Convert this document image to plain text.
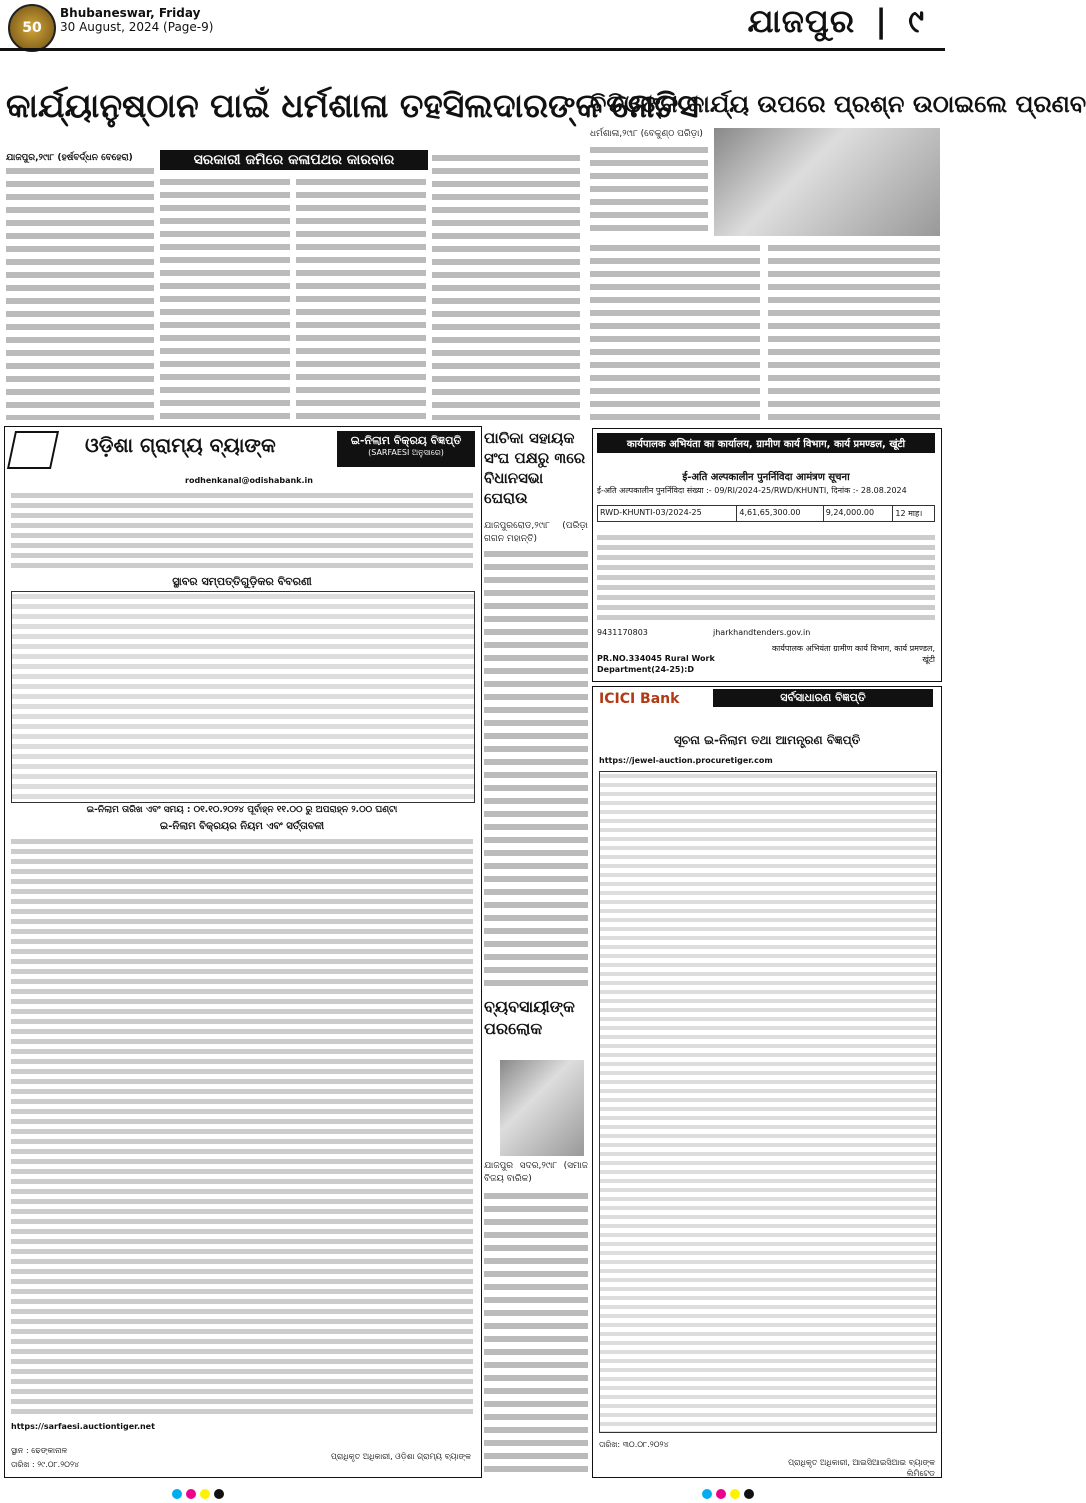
50
Bhubaneswar, Friday
30 August, 2024 (Page-9)	ଯାଜପୁର | ୯
କାର୍ଯ୍ୟାନୁଷ୍ଠାନ ପାଇଁ ଧର୍ମଶାଳା ତହସିଲଦାରଙ୍କ ନୋଟିସ
ବିଡିଓଙ୍କ କାର୍ଯ୍ୟ ଉପରେ ପ୍ରଶ୍ନ ଉଠାଇଲେ ପ୍ରଣବ
ସରକାରୀ ଜମିରେ କଳାପଥର କାରବାର
ଯାଜପୁର,୨୯ା୮ (ହର୍ଷବର୍ଦ୍ଧନ ବେହେରା)
ଧର୍ମଶାଳା,୨୯ା୮ (ବେକୁଣ୍ଠ ପରିଡ଼ା)
ଓଡ଼ିଶା ଗ୍ରାମ୍ୟ ବ୍ୟାଙ୍କ	ଇ-ନିଲାମ ବିକ୍ରୟ ବିଜ୍ଞପ୍ତି
(SARFAESI ଅନୁସାରେ)
rodhenkanal@odishabank.in
ସ୍ଥାବର ସମ୍ପତ୍ତିଗୁଡ଼ିକର ବିବରଣୀ
ଇ-ନିଲାମ ତାରିଖ ଏବଂ ସମୟ : ୦୧.୧୦.୨୦୨୪ ପୂର୍ବାହ୍ନ ୧୧.୦୦ ରୁ ଅପରାହ୍ନ ୨.୦୦ ଘଣ୍ଟା
ଇ-ନିଲାମ ବିକ୍ରୟର ନିୟମ ଏବଂ ସର୍ତ୍ତାବଳୀ
https://sarfaesi.auctiontiger.net
ସ୍ଥାନ : ଢେଙ୍କାନାଳ
ତାରିଖ : ୨୯.୦୮.୨୦୨୪
ପ୍ରାଧିକୃତ ଅଧିକାରୀ, ଓଡ଼ିଶା ଗ୍ରାମ୍ୟ ବ୍ୟାଙ୍କ
ପାଚିକା ସହାୟକ ସଂଘ ପକ୍ଷରୁ ୩ରେ ବିଧାନସଭା ଘେରାଉ
ଯାଜପୁରରୋଡ,୨୯ା୮ (ପରିଡ଼ା ଗଗନ ମହାନ୍ତି)
ବ୍ୟବସାୟୀଙ୍କ ପରଲୋକ
ଯାଜପୁର ସଦର,୨୯ା୮ (ସମାଜ ବିଜୟ ବାରିକ)
कार्यपालक अभियंता का कार्यालय, ग्रामीण कार्य विभाग, कार्य प्रमण्डल, खूंटी
ई-अति अल्पकालीन पुनर्निविदा आमंत्रण सूचना
ई-अति अल्पकालीन पुनर्निविदा संख्या :- 09/RI/2024-25/RWD/KHUNTI, दिनांक :- 28.08.2024
RWD-KHUNTI-03/2024-25	4,61,65,300.00	9,24,000.00	12 माह।
9431170803	jharkhandtenders.gov.in
PR.NO.334045 Rural Work Department(24-25):D
कार्यपालक अभियंता ग्रामीण कार्य विभाग, कार्य प्रमण्डल, खूंटी
ICICI Bank	ସର୍ବସାଧାରଣ ବିଜ୍ଞପ୍ତି
ସୂଚନା ଇ-ନିଲାମ ତଥା ଆମନ୍ତ୍ରଣ ବିଜ୍ଞପ୍ତି
https://jewel-auction.procuretiger.com
ତାରିଖ: ୩୦.୦୮.୨୦୨୪
ପ୍ରାଧିକୃତ ଅଧିକାରୀ, ଆଇସିଆଇସିଆଇ ବ୍ୟାଙ୍କ ଲିମିଟେଡ଼
